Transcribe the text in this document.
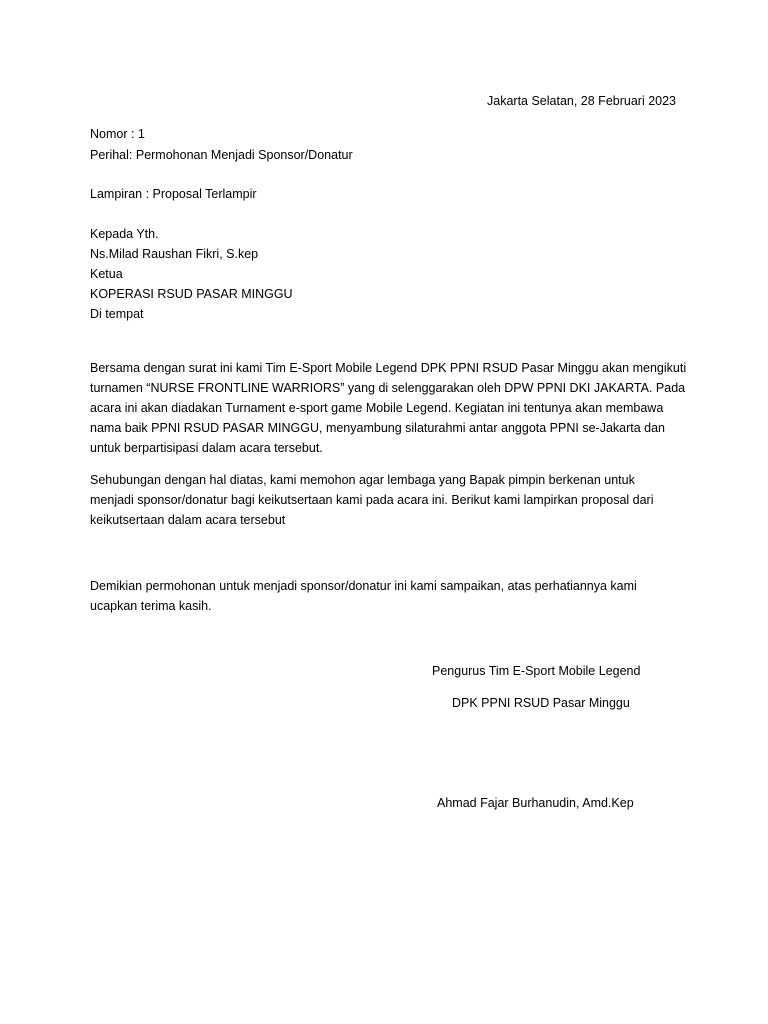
Jakarta Selatan, 28 Februari 2023
Nomor : 1
Perihal: Permohonan Menjadi Sponsor/Donatur
Lampiran : Proposal Terlampir
Kepada Yth.
Ns.Milad Raushan Fikri, S.kep
Ketua
KOPERASI RSUD PASAR MINGGU
Di tempat
Bersama dengan surat ini kami Tim E-Sport Mobile Legend DPK PPNI RSUD Pasar Minggu akan mengikuti
turnamen “NURSE FRONTLINE WARRIORS” yang di selenggarakan oleh DPW PPNI DKI JAKARTA. Pada
acara ini akan diadakan Turnament e-sport game Mobile Legend. Kegiatan ini tentunya akan membawa
nama baik PPNI RSUD PASAR MINGGU, menyambung silaturahmi antar anggota PPNI se-Jakarta dan
untuk berpartisipasi dalam acara tersebut.
Sehubungan dengan hal diatas, kami memohon agar lembaga yang Bapak pimpin berkenan untuk
menjadi sponsor/donatur bagi keikutsertaan kami pada acara ini. Berikut kami lampirkan proposal dari
keikutsertaan dalam acara tersebut
Demikian permohonan untuk menjadi sponsor/donatur ini kami sampaikan, atas perhatiannya kami
ucapkan terima kasih.
Pengurus Tim E-Sport Mobile Legend
DPK PPNI RSUD Pasar Minggu
Ahmad Fajar Burhanudin, Amd.Kep
